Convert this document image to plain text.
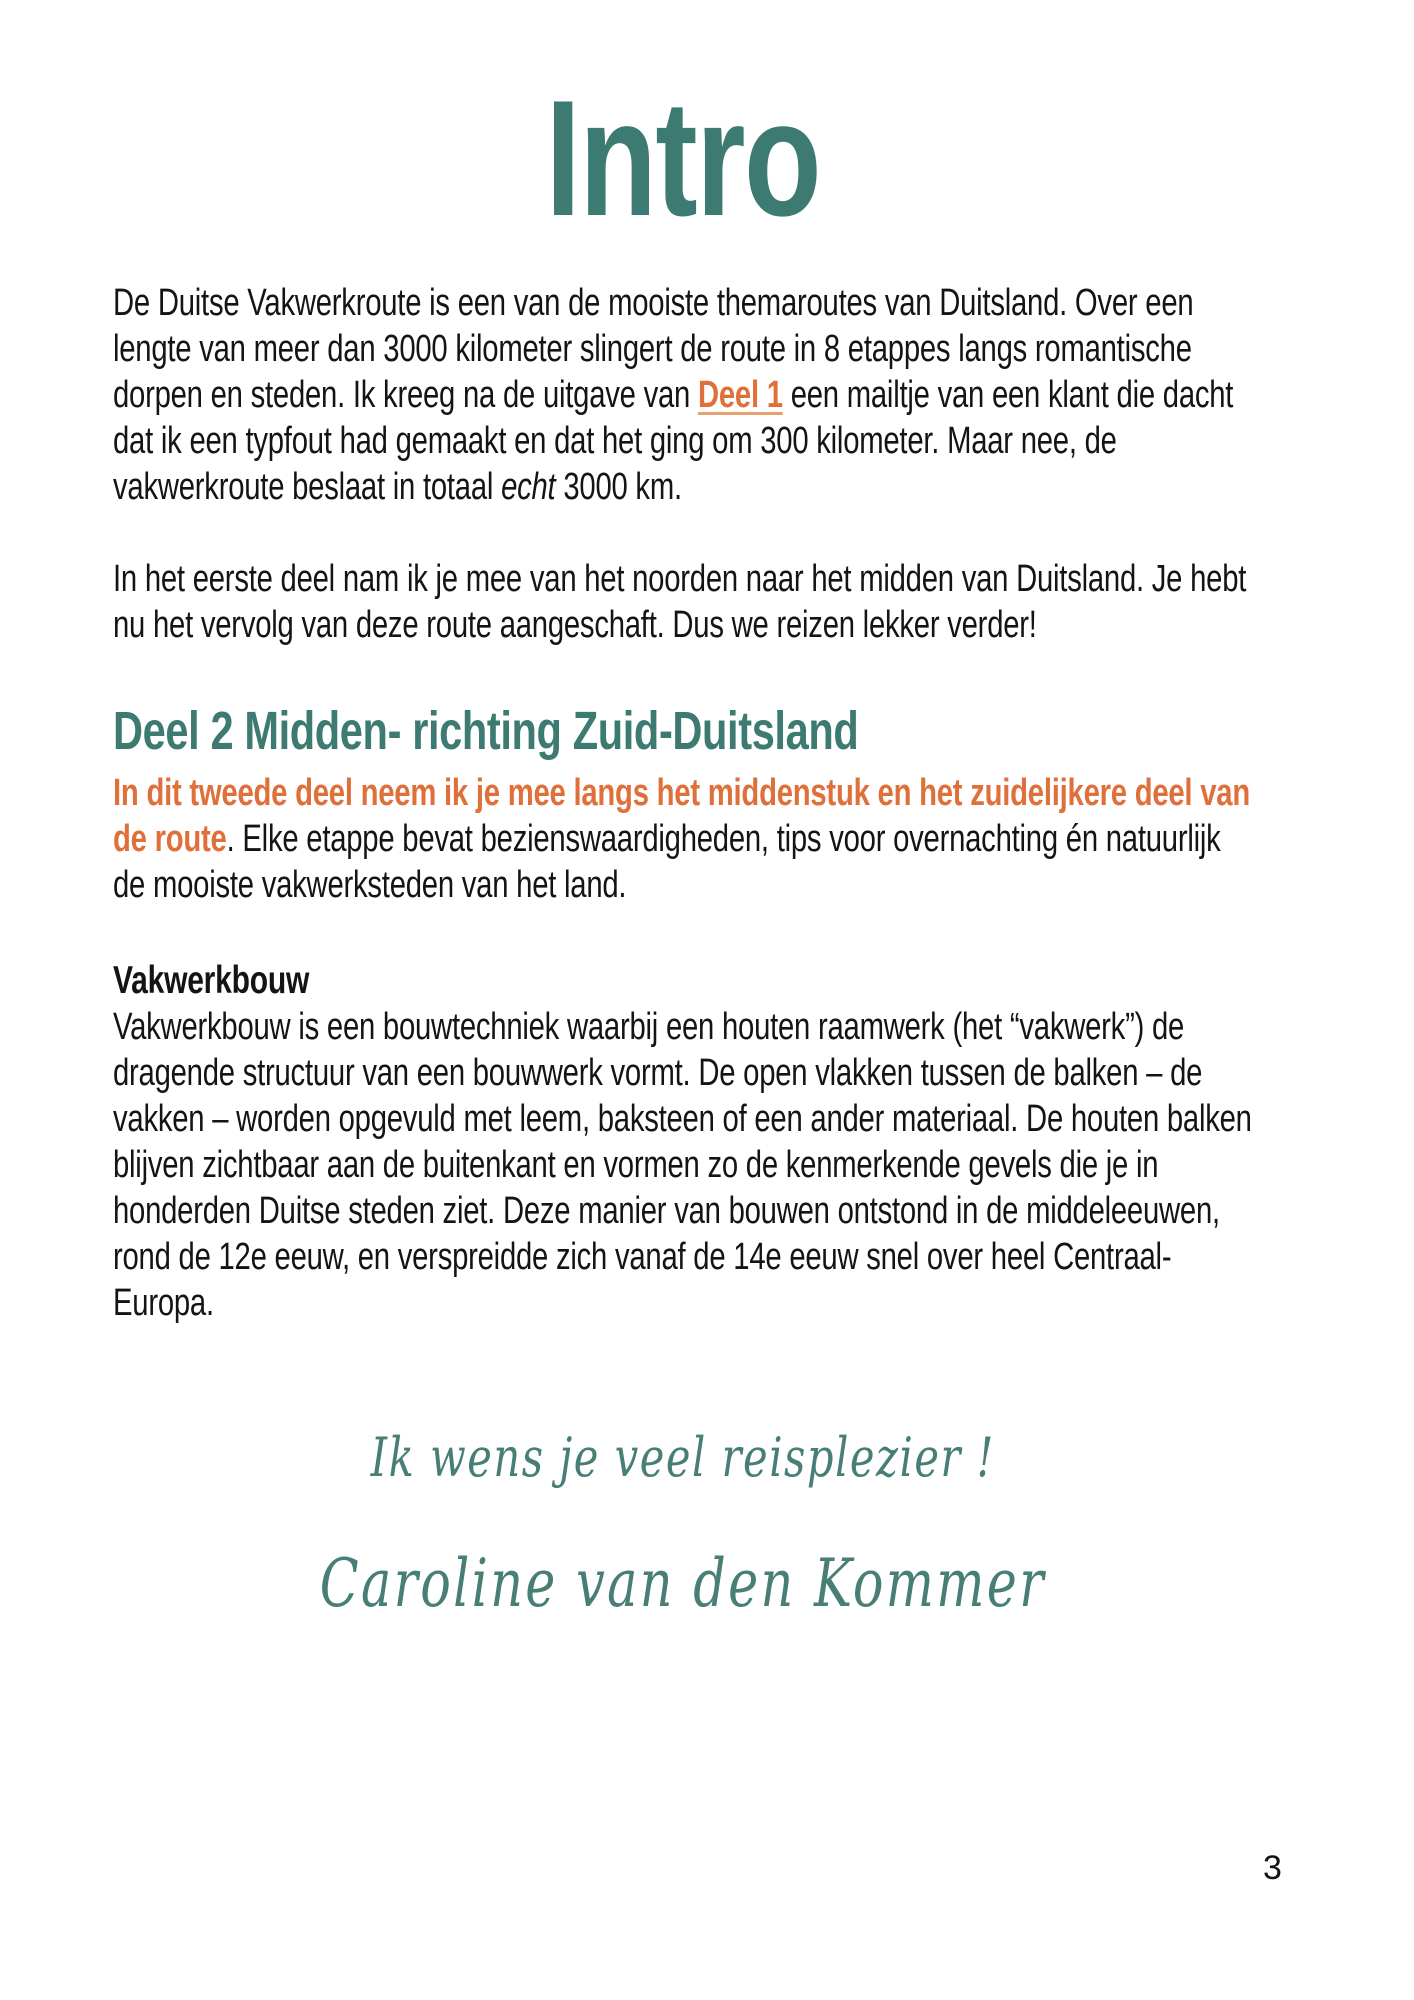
Intro

De Duitse Vakwerkroute is een van de mooiste themaroutes van Duitsland. Over een lengte van meer dan 3000 kilometer slingert de route in 8 etappes langs romantische dorpen en steden. Ik kreeg na de uitgave van Deel 1 een mailtje van een klant die dacht dat ik een typfout had gemaakt en dat het ging om 300 kilometer. Maar nee, de vakwerkroute beslaat in totaal echt 3000 km.

In het eerste deel nam ik je mee van het noorden naar het midden van Duitsland. Je hebt nu het vervolg van deze route aangeschaft. Dus we reizen lekker verder!

Deel 2 Midden- richting Zuid-Duitsland

In dit tweede deel neem ik je mee langs het middenstuk en het zuidelijkere deel van de route. Elke etappe bevat bezienswaardigheden, tips voor overnachting én natuurlijk de mooiste vakwerksteden van het land.

Vakwerkbouw

Vakwerkbouw is een bouwtechniek waarbij een houten raamwerk (het “vakwerk”) de dragende structuur van een bouwwerk vormt. De open vlakken tussen de balken – de vakken – worden opgevuld met leem, baksteen of een ander materiaal. De houten balken blijven zichtbaar aan de buitenkant en vormen zo de kenmerkende gevels die je in honderden Duitse steden ziet. Deze manier van bouwen ontstond in de middeleeuwen, rond de 12e eeuw, en verspreidde zich vanaf de 14e eeuw snel over heel Centraal-Europa.

Ik wens je veel reisplezier !

Caroline van den Kommer

3
